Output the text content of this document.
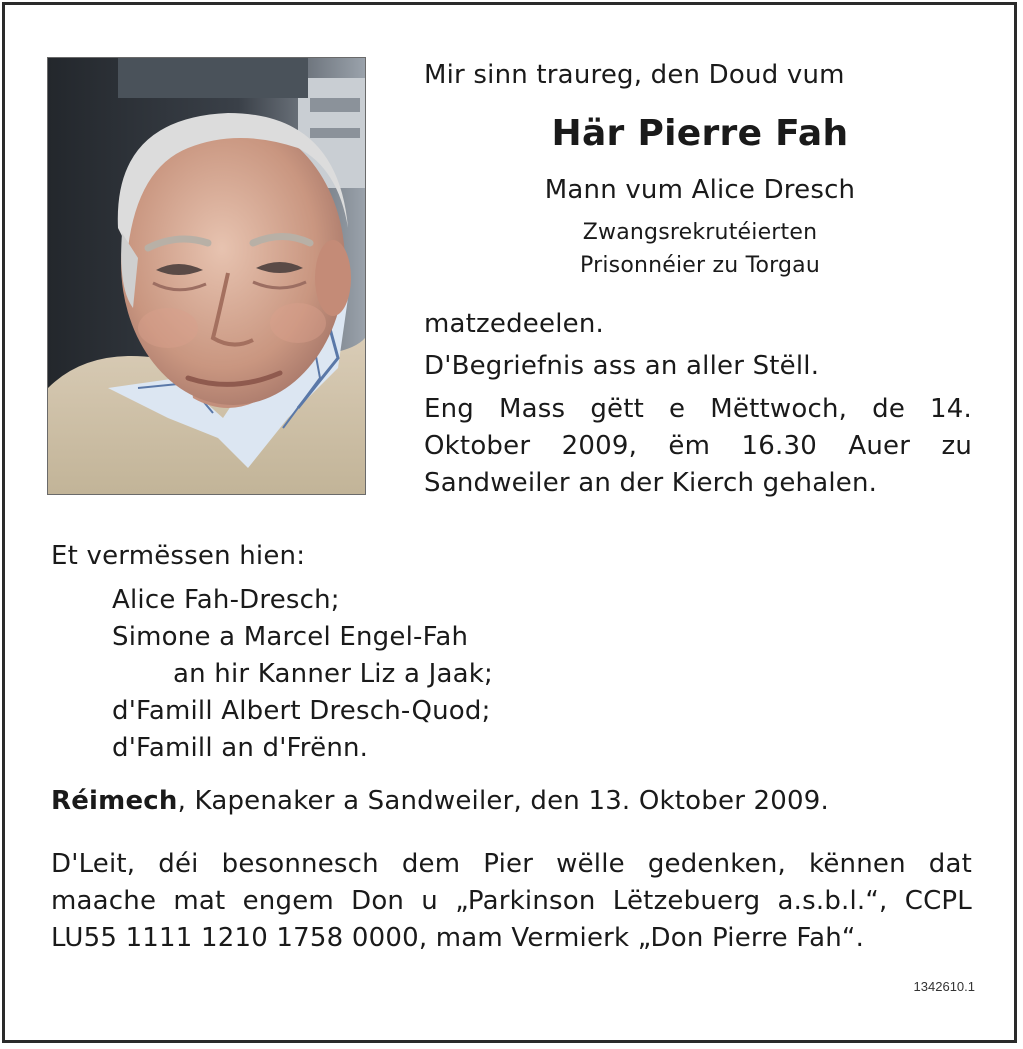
Mir sinn traureg, den Doud vum
Här Pierre Fah
Mann vum Alice Dresch
Zwangsrekrutéierten
Prisonnéier zu Torgau
matzedeelen.
D'Begriefnis ass an aller Stëll.
Eng Mass gëtt e Mëttwoch, de 14.
Oktober 2009, ëm 16.30 Auer zu
Sandweiler an der Kierch gehalen.
Et vermëssen hien:
Alice Fah-Dresch;
Simone a Marcel Engel-Fah
an hir Kanner Liz a Jaak;
d'Famill Albert Dresch-Quod;
d'Famill an d'Frënn.
Réimech, Kapenaker a Sandweiler, den 13. Oktober 2009.
D'Leit, déi besonnesch dem Pier wëlle gedenken, kënnen dat
maache mat engem Don u „Parkinson Lëtzebuerg a.s.b.l.“, CCPL
LU55 1111 1210 1758 0000, mam Vermierk „Don Pierre Fah“.
1342610.1
